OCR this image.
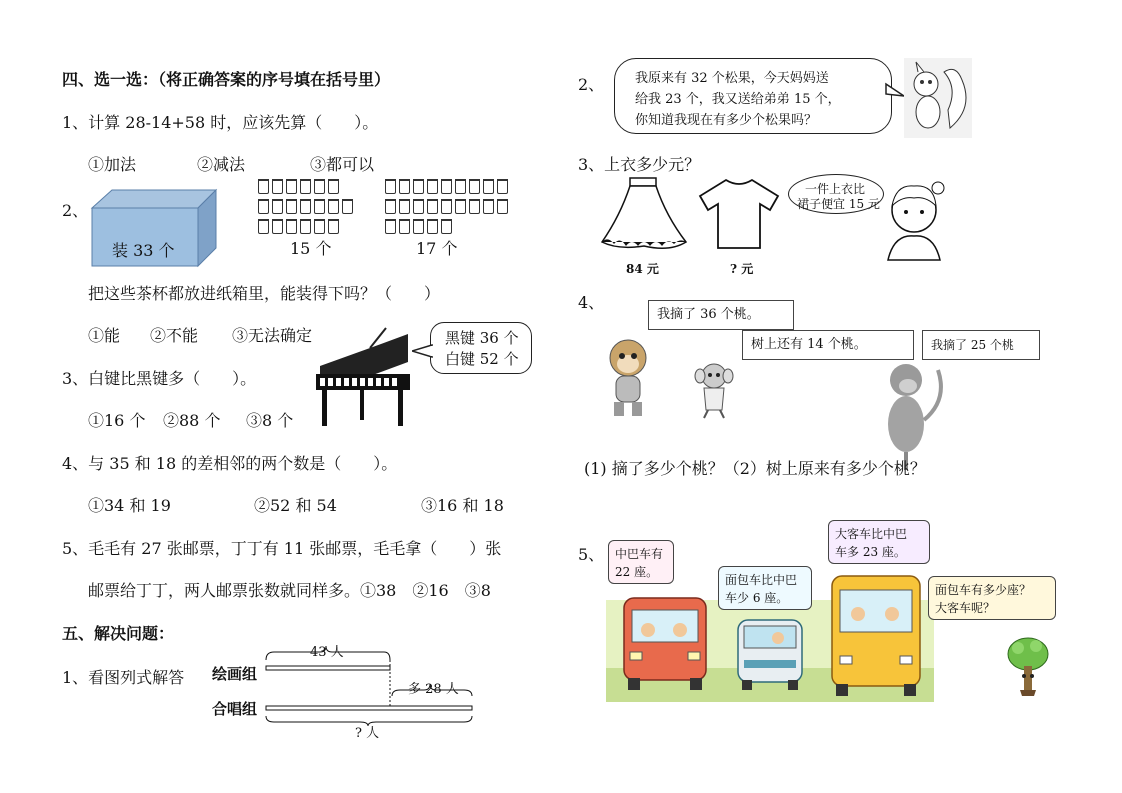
四、选一选：（将正确答案的序号填在括号里）
1、计算 28-14+58 时，应该先算（　　）。
①加法	②减法	③都可以
2、
装 33 个	15 个	17 个
把这些茶杯都放进纸箱里，能装得下吗？（　　）
①能 ②不能 ③无法确定
3、白键比黑键多（　　）。
黑键 36 个
白键 52 个
①16 个 ②88 个 ③8 个
4、与 35 和 18 的差相邻的两个数是（　　）。
①34 和 19	②52 和 54	③16 和 18
5、毛毛有 27 张邮票，丁丁有 11 张邮票，毛毛拿（　　）张
邮票给丁丁，两人邮票张数就同样多。①38　②16　③8
五、解决问题：
1、看图列式解答 绘画组
合唱组
43 人
多 28 人
? 人
2、 我原来有 32 个松果，今天妈妈送
给我 23 个，我又送给弟弟 15 个，
你知道我现在有多少个松果吗？
3、上衣多少元？
84 元	? 元
一件上衣比
裙子便宜 15 元
4、
我摘了 36 个桃。
树上还有 14 个桃。	我摘了 25 个桃
(1) 摘了多少个桃？（2）树上原来有多少个桃？
5、 中巴车有
22 座。
面包车比中巴
车少 6 座。
大客车比中巴
车多 23 座。
面包车有多少座？
大客车呢？
